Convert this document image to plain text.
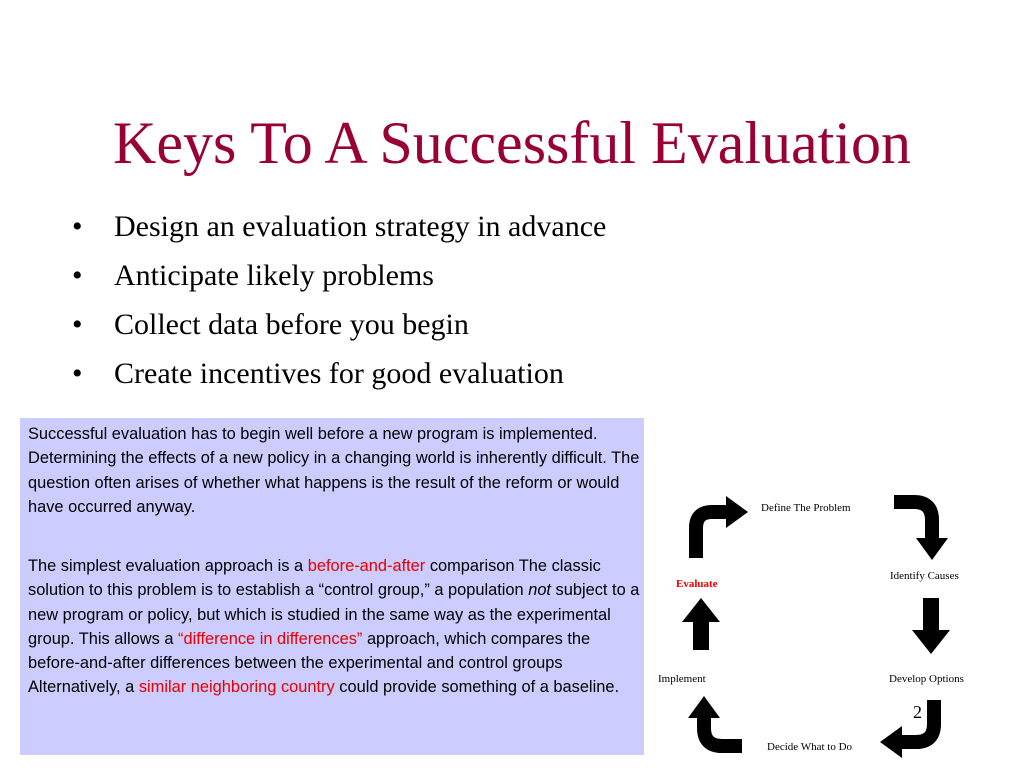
Keys To A Successful Evaluation
• Design an evaluation strategy in advance
• Anticipate likely problems
• Collect data before you begin
• Create incentives for good evaluation
Successful evaluation has to begin well before a new program is implemented. Determining the effects of a new policy in a changing world is inherently difficult. The question often arises of whether what happens is the result of the reform or would have occurred anyway.
The simplest evaluation approach is a before-and-after comparison The classic solution to this problem is to establish a “control group,” a population not subject to a new program or policy, but which is studied in the same way as the experimental group. This allows a “difference in differences” approach, which compares the before-and-after differences between the experimental and control groups Alternatively, a similar neighboring country could provide something of a baseline.
Define The Problem
Identify Causes
Develop Options
Decide What to Do
Implement
Evaluate
2
